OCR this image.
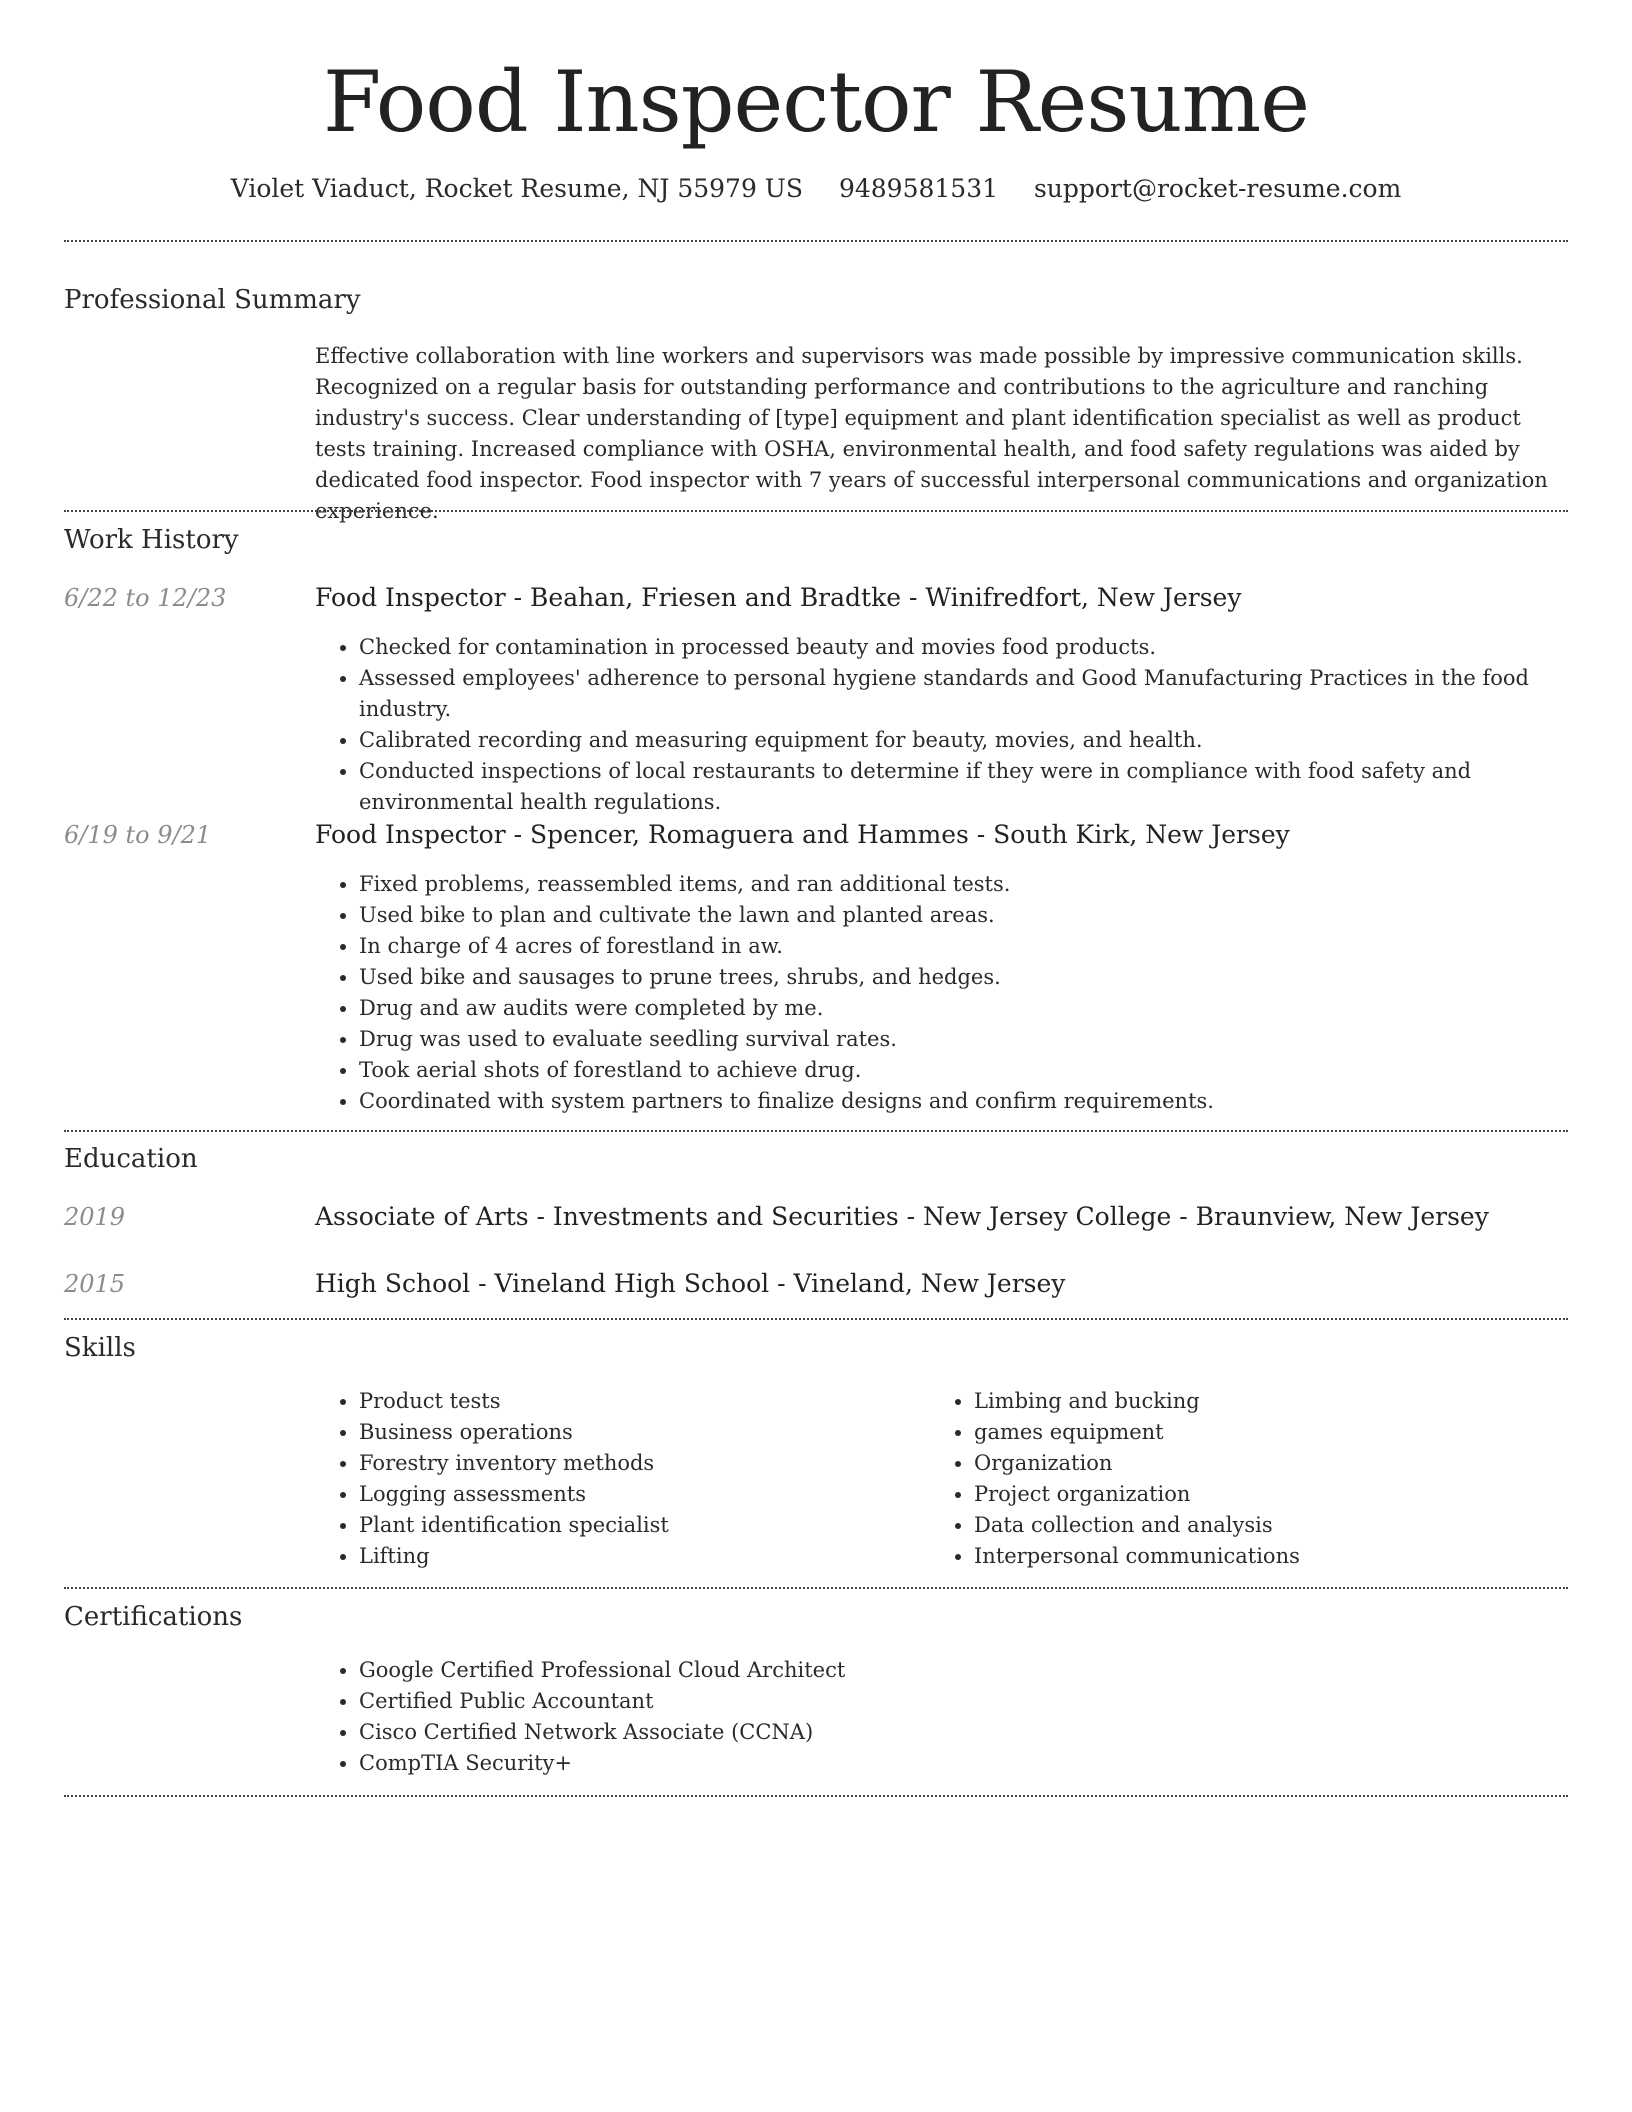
Food Inspector Resume
Violet Viaduct, Rocket Resume, NJ 55979 US 9489581531 support@rocket-resume.com
Professional Summary

Effective collaboration with line workers and supervisors was made possible by impressive communication skills. Recognized on a regular basis for outstanding performance and contributions to the agriculture and ranching industry's success. Clear understanding of [type] equipment and plant identification specialist as well as product tests training. Increased compliance with OSHA, environmental health, and food safety regulations was aided by dedicated food inspector. Food inspector with 7 years of successful interpersonal communications and organization experience.

Work History
6/22 to 12/23	Food Inspector - Beahan, Friesen and Bradtke - Winifredfort, New Jersey
• Checked for contamination in processed beauty and movies food products.
• Assessed employees' adherence to personal hygiene standards and Good Manufacturing Practices in the food industry.
• Calibrated recording and measuring equipment for beauty, movies, and health.
• Conducted inspections of local restaurants to determine if they were in compliance with food safety and environmental health regulations.
6/19 to 9/21	Food Inspector - Spencer, Romaguera and Hammes - South Kirk, New Jersey
• Fixed problems, reassembled items, and ran additional tests.
• Used bike to plan and cultivate the lawn and planted areas.
• In charge of 4 acres of forestland in aw.
• Used bike and sausages to prune trees, shrubs, and hedges.
• Drug and aw audits were completed by me.
• Drug was used to evaluate seedling survival rates.
• Took aerial shots of forestland to achieve drug.
• Coordinated with system partners to finalize designs and confirm requirements.
Education
2019	Associate of Arts - Investments and Securities - New Jersey College - Braunview, New Jersey
2015	High School - Vineland High School - Vineland, New Jersey
Skills
• Product tests
• Business operations
• Forestry inventory methods
• Logging assessments
• Plant identification specialist
• Lifting
• Limbing and bucking
• games equipment
• Organization
• Project organization
• Data collection and analysis
• Interpersonal communications
Certifications
• Google Certified Professional Cloud Architect
• Certified Public Accountant
• Cisco Certified Network Associate (CCNA)
• CompTIA Security+
